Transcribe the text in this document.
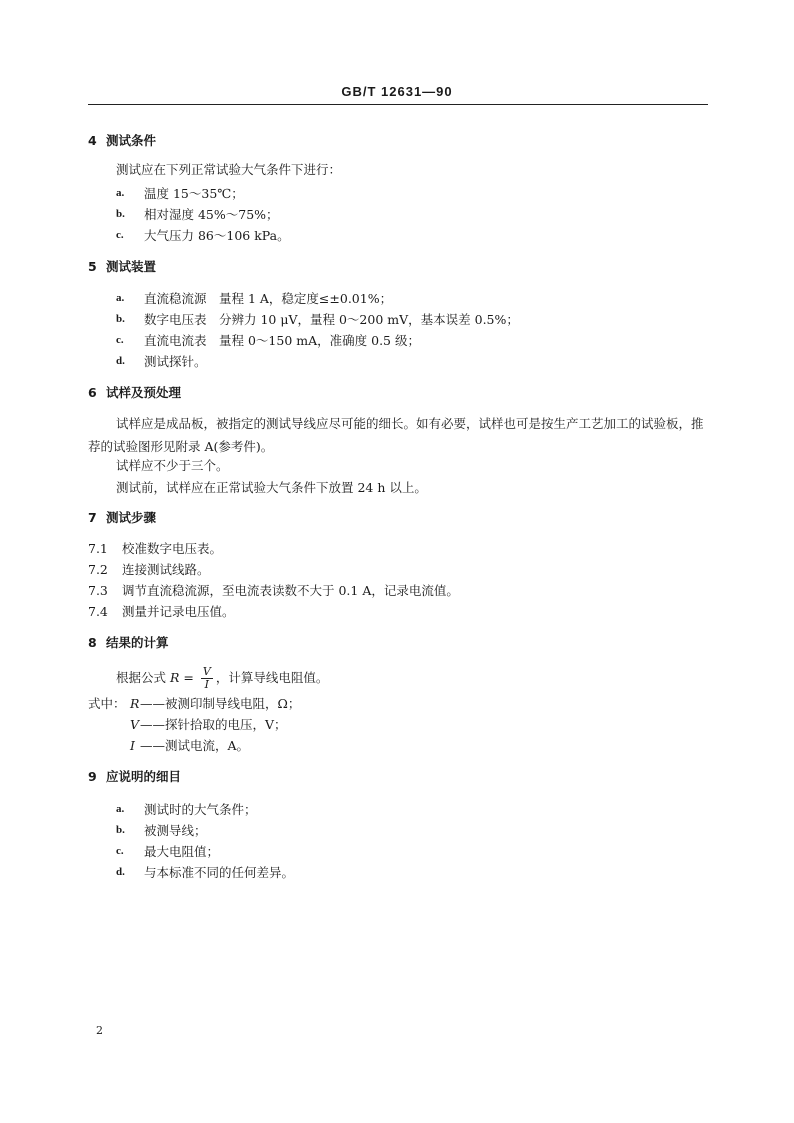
GB/T 12631—90
4 测试条件
测试应在下列正常试验大气条件下进行：
a. 温度 15～35℃；
b. 相对湿度 45%～75%；
c. 大气压力 86～106 kPa。
5 测试装置
a. 直流稳流源　量程 1 A，稳定度≤±0.01%；
b. 数字电压表　分辨力 10 μV，量程 0～200 mV，基本误差 0.5%；
c. 直流电流表　量程 0～150 mA，准确度 0.5 级；
d. 测试探针。
6 试样及预处理
试样应是成品板，被指定的测试导线应尽可能的细长。如有必要，试样也可是按生产工艺加工的试验板，推荐的试验图形见附录 A(参考件)。
试样应不少于三个。
测试前，试样应在正常试验大气条件下放置 24 h 以上。
7 测试步骤
7.1 校准数字电压表。
7.2 连接测试线路。
7.3 调节直流稳流源，至电流表读数不大于 0.1 A，记录电流值。
7.4 测量并记录电压值。
8 结果的计算
根据公式 $R = \frac{V}{I}$ ，计算导线电阻值。
式中： R ——被测印制导线电阻，Ω；
V ——探针拾取的电压，V；
I ——测试电流，A。
9 应说明的细目
a. 测试时的大气条件；
b. 被测导线；
c. 最大电阻值；
d. 与本标准不同的任何差异。
2
